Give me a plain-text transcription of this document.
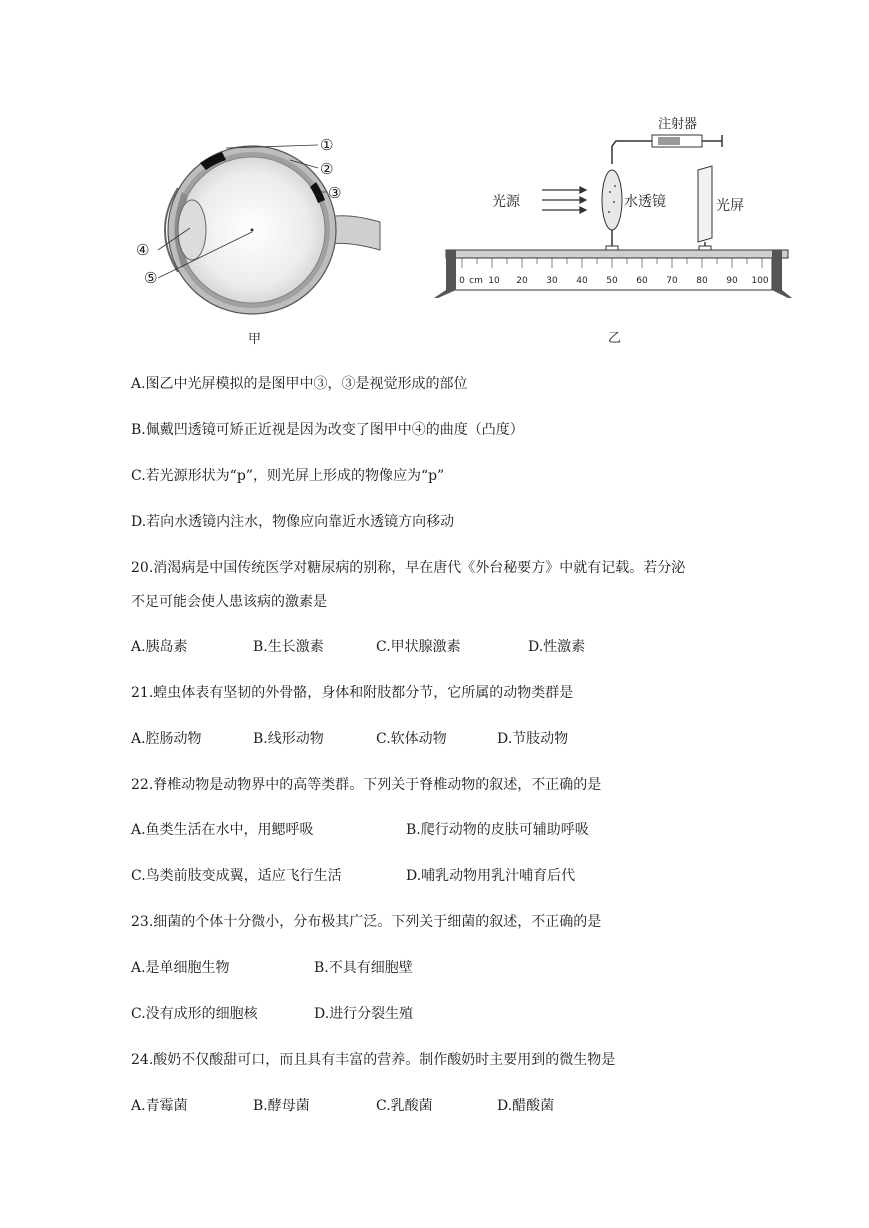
①
②
③
④
⑤
甲
注射器
水透镜
光源	光屏
0 cm 10 20 30 40 50 60 70 80 90 100
乙
A.图乙中光屏模拟的是图甲中③，③是视觉形成的部位
B.佩戴凹透镜可矫正近视是因为改变了图甲中④的曲度（凸度）
C.若光源形状为“p”，则光屏上形成的物像应为“p”
D.若向水透镜内注水，物像应向靠近水透镜方向移动
20.消渴病是中国传统医学对糖尿病的别称，早在唐代《外台秘要方》中就有记载。若分泌
不足可能会使人患该病的激素是
A.胰岛素	B.生长激素	C.甲状腺激素	D.性激素
21.蝗虫体表有坚韧的外骨骼，身体和附肢都分节，它所属的动物类群是
A.腔肠动物	B.线形动物	C.软体动物	D.节肢动物
22.脊椎动物是动物界中的高等类群。下列关于脊椎动物的叙述，不正确的是
A.鱼类生活在水中，用鳃呼吸	B.爬行动物的皮肤可辅助呼吸
C.鸟类前肢变成翼，适应飞行生活	D.哺乳动物用乳汁哺育后代
23.细菌的个体十分微小，分布极其广泛。下列关于细菌的叙述，不正确的是
A.是单细胞生物	B.不具有细胞壁
C.没有成形的细胞核	D.进行分裂生殖
24.酸奶不仅酸甜可口，而且具有丰富的营养。制作酸奶时主要用到的微生物是
A.青霉菌	B.酵母菌	C.乳酸菌	D.醋酸菌
